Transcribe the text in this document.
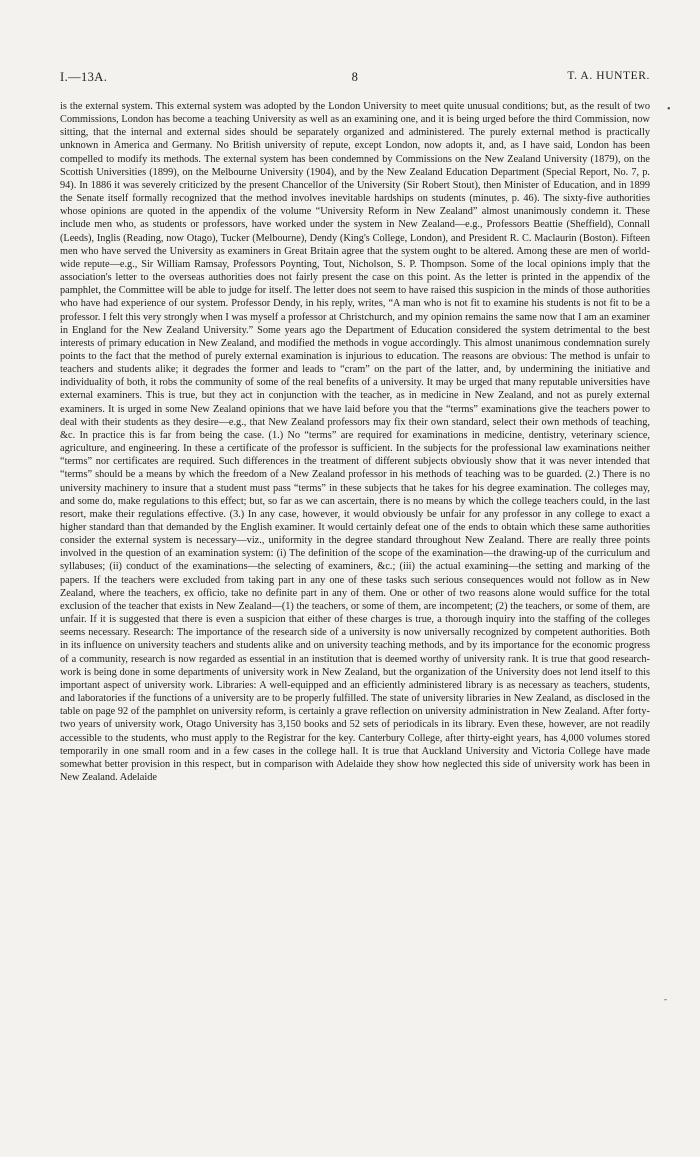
I.—13A.	8	T. A. HUNTER.
•
-

is the external system. This external system was adopted by the London University to meet quite unusual conditions; but, as the result of two Commissions, London has become a teaching University as well as an examining one, and it is being urged before the third Commission, now sitting, that the internal and external sides should be separately organized and administered. The purely external method is practically unknown in America and Germany. No British university of repute, except London, now adopts it, and, as I have said, London has been compelled to modify its methods. The external system has been condemned by Commissions on the New Zealand University (1879), on the Scottish Universities (1899), on the Melbourne University (1904), and by the New Zealand Education Department (Special Report, No. 7, p. 94). In 1886 it was severely criticized by the present Chancellor of the University (Sir Robert Stout), then Minister of Education, and in 1899 the Senate itself formally recognized that the method involves inevitable hardships on students (minutes, p. 46). The sixty-five authorities whose opinions are quoted in the appendix of the volume “University Reform in New Zealand” almost unanimously condemn it. These include men who, as students or professors, have worked under the system in New Zealand—e.g., Professors Beattie (Sheffield), Connall (Leeds), Inglis (Reading, now Otago), Tucker (Melbourne), Dendy (King's College, London), and President R. C. Maclaurin (Boston). Fifteen men who have served the University as examiners in Great Britain agree that the system ought to be altered. Among these are men of world-wide repute—e.g., Sir William Ramsay, Professors Poynting, Tout, Nicholson, S. P. Thompson. Some of the local opinions imply that the association's letter to the overseas authorities does not fairly present the case on this point. As the letter is printed in the appendix of the pamphlet, the Committee will be able to judge for itself. The letter does not seem to have raised this suspicion in the minds of those authorities who have had experience of our system. Professor Dendy, in his reply, writes, “A man who is not fit to examine his students is not fit to be a professor. I felt this very strongly when I was myself a professor at Christchurch, and my opinion remains the same now that I am an examiner in England for the New Zealand University.” Some years ago the Department of Education considered the system detrimental to the best interests of primary education in New Zealand, and modified the methods in vogue accordingly. This almost unanimous condemnation surely points to the fact that the method of purely external examination is injurious to education. The reasons are obvious: The method is unfair to teachers and students alike; it degrades the former and leads to “cram” on the part of the latter, and, by undermining the initiative and individuality of both, it robs the community of some of the real benefits of a university. It may be urged that many reputable universities have external examiners. This is true, but they act in conjunction with the teacher, as in medicine in New Zealand, and not as purely external examiners. It is urged in some New Zealand opinions that we have laid before you that the “terms” examinations give the teachers power to deal with their students as they desire—e.g., that New Zealand professors may fix their own standard, select their own methods of teaching, &c. In practice this is far from being the case. (1.) No “terms” are required for examinations in medicine, dentistry, veterinary science, agriculture, and engineering. In these a certificate of the professor is sufficient. In the subjects for the professional law examinations neither “terms” nor certificates are required. Such differences in the treatment of different subjects obviously show that it was never intended that “terms” should be a means by which the freedom of a New Zealand professor in his methods of teaching was to be guarded. (2.) There is no university machinery to insure that a student must pass “terms” in these subjects that he takes for his degree examination. The colleges may, and some do, make regulations to this effect; but, so far as we can ascertain, there is no means by which the college teachers could, in the last resort, make their regulations effective. (3.) In any case, however, it would obviously be unfair for any professor in any college to exact a higher standard than that demanded by the English examiner. It would certainly defeat one of the ends to obtain which these same authorities consider the external system is necessary—viz., uniformity in the degree standard throughout New Zealand. There are really three points involved in the question of an examination system: (i) The definition of the scope of the examination—the drawing-up of the curriculum and syllabuses; (ii) conduct of the examinations—the selecting of examiners, &c.; (iii) the actual examining—the setting and marking of the papers. If the teachers were excluded from taking part in any one of these tasks such serious consequences would not follow as in New Zealand, where the teachers, ex officio, take no definite part in any of them. One or other of two reasons alone would suffice for the total exclusion of the teacher that exists in New Zealand—(1) the teachers, or some of them, are incompetent; (2) the teachers, or some of them, are unfair. If it is suggested that there is even a suspicion that either of these charges is true, a thorough inquiry into the staffing of the colleges seems necessary. Research: The importance of the research side of a university is now universally recognized by competent authorities. Both in its influence on university teachers and students alike and on university teaching methods, and by its importance for the economic progress of a community, research is now regarded as essential in an institution that is deemed worthy of university rank. It is true that good research-work is being done in some departments of university work in New Zealand, but the organization of the University does not lend itself to this important aspect of university work. Libraries: A well-equipped and an efficiently administered library is as necessary as teachers, students, and laboratories if the functions of a university are to be properly fulfilled. The state of university libraries in New Zealand, as disclosed in the table on page 92 of the pamphlet on university reform, is certainly a grave reflection on university administration in New Zealand. After forty-two years of university work, Otago University has 3,150 books and 52 sets of periodicals in its library. Even these, however, are not readily accessible to the students, who must apply to the Registrar for the key. Canterbury College, after thirty-eight years, has 4,000 volumes stored temporarily in one small room and in a few cases in the college hall. It is true that Auckland University and Victoria College have made somewhat better provision in this respect, but in comparison with Adelaide they show how neglected this side of university work has been in New Zealand. Adelaide
